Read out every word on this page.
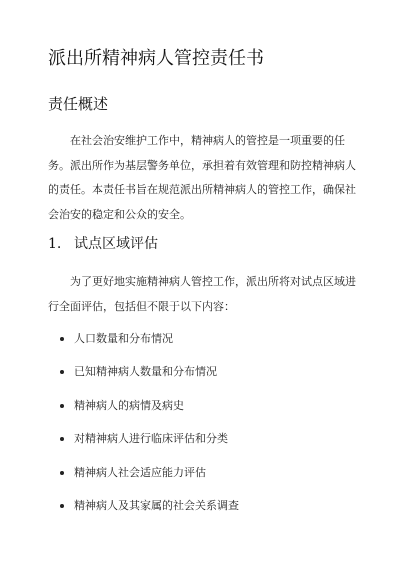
派出所精神病人管控责任书
责任概述

在社会治安维护工作中，精神病人的管控是一项重要的任务。派出所作为基层警务单位，承担着有效管理和防控精神病人的责任。本责任书旨在规范派出所精神病人的管控工作，确保社会治安的稳定和公众的安全。

1. 试点区域评估

为了更好地实施精神病人管控工作，派出所将对试点区域进行全面评估，包括但不限于以下内容：

人口数量和分布情况
已知精神病人数量和分布情况
精神病人的病情及病史
对精神病人进行临床评估和分类
精神病人社会适应能力评估
精神病人及其家属的社会关系调查
